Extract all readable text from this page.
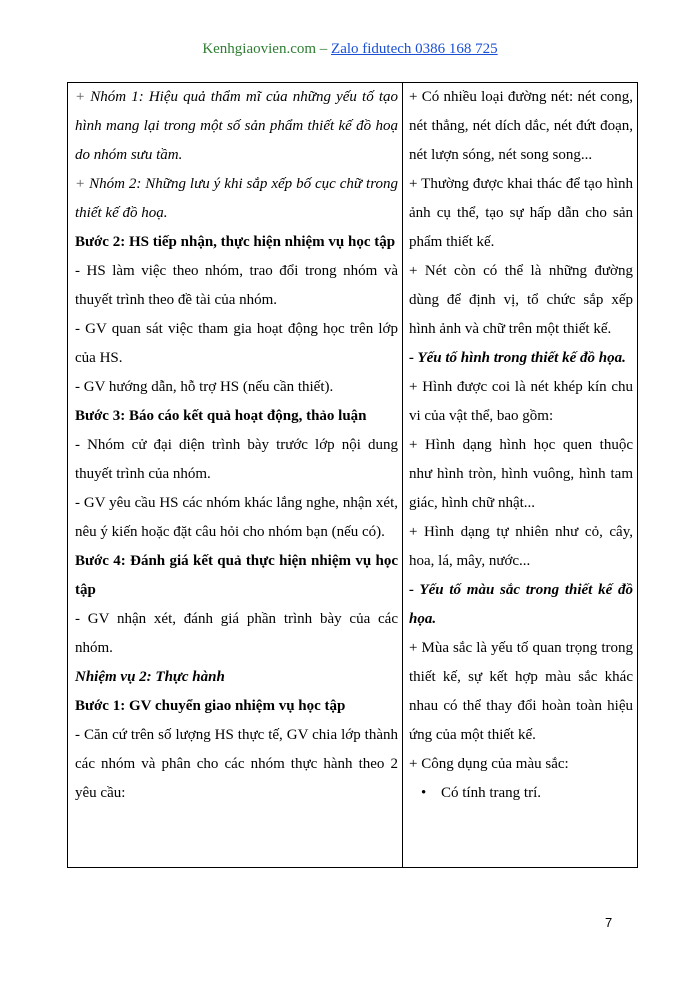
Kenhgiaovien.com – Zalo fidutech 0386 168 725

+ Nhóm 1: Hiệu quả thẩm mĩ của những yếu tố tạo hình mang lại trong một số sản phẩm thiết kế đồ hoạ do nhóm sưu tầm.

+ Nhóm 2: Những lưu ý khi sắp xếp bố cục chữ trong thiết kế đồ hoạ.

Bước 2: HS tiếp nhận, thực hiện nhiệm vụ học tập

- HS làm việc theo nhóm, trao đổi trong nhóm và thuyết trình theo đề tài của nhóm.

- GV quan sát việc tham gia hoạt động học trên lớp của HS.

- GV hướng dẫn, hỗ trợ HS (nếu cần thiết).

Bước 3: Báo cáo kết quả hoạt động, thảo luận

- Nhóm cử đại diện trình bày trước lớp nội dung thuyết trình của nhóm.

- GV yêu cầu HS các nhóm khác lắng nghe, nhận xét, nêu ý kiến hoặc đặt câu hỏi cho nhóm bạn (nếu có).

Bước 4: Đánh giá kết quả thực hiện nhiệm vụ học tập

- GV nhận xét, đánh giá phần trình bày của các nhóm.

Nhiệm vụ 2: Thực hành

Bước 1: GV chuyển giao nhiệm vụ học tập

- Căn cứ trên số lượng HS thực tế, GV chia lớp thành các nhóm và phân cho các nhóm thực hành theo 2 yêu cầu:

+ Có nhiều loại đường nét: nét cong, nét thẳng, nét dích dắc, nét đứt đoạn, nét lượn sóng, nét song song...

+ Thường được khai thác để tạo hình ảnh cụ thể, tạo sự hấp dẫn cho sản phẩm thiết kế.

+ Nét còn có thể là những đường dùng để định vị, tổ chức sắp xếp hình ảnh và chữ trên một thiết kế.

- Yếu tố hình trong thiết kế đồ họa.

+ Hình được coi là nét khép kín chu vi của vật thể, bao gồm:

+ Hình dạng hình học quen thuộc như hình tròn, hình vuông, hình tam giác, hình chữ nhật...

+ Hình dạng tự nhiên như cỏ, cây, hoa, lá, mây, nước...

- Yếu tố màu sắc trong thiết kế đồ họa.

+ Mùa sắc là yếu tố quan trọng trong thiết kế, sự kết hợp màu sắc khác nhau có thể thay đổi hoàn toàn hiệu ứng của một thiết kế.

+ Công dụng của màu sắc:

• Có tính trang trí.

7
